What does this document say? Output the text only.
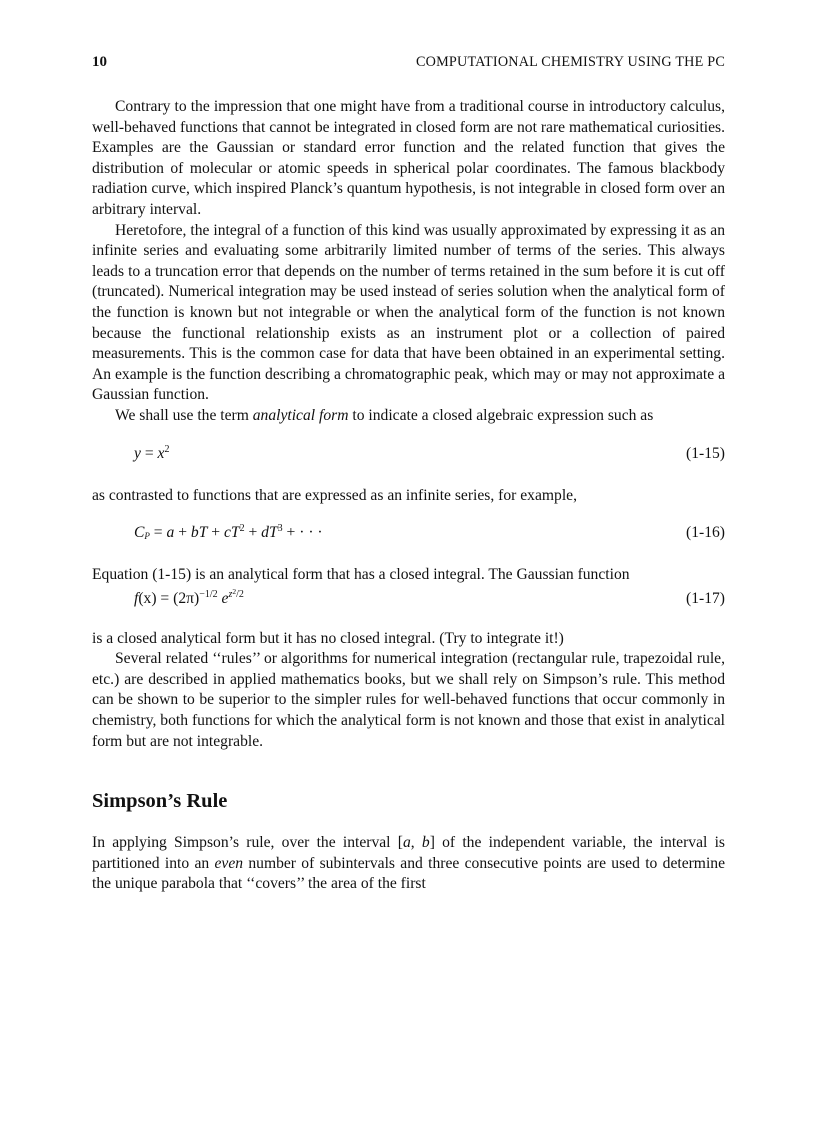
10	COMPUTATIONAL CHEMISTRY USING THE PC

Contrary to the impression that one might have from a traditional course in introductory calculus, well-behaved functions that cannot be integrated in closed form are not rare mathematical curiosities. Examples are the Gaussian or standard error function and the related function that gives the distribution of molecular or atomic speeds in spherical polar coordinates. The famous blackbody radiation curve, which inspired Planck’s quantum hypothesis, is not integrable in closed form over an arbitrary interval.

Heretofore, the integral of a function of this kind was usually approximated by expressing it as an infinite series and evaluating some arbitrarily limited number of terms of the series. This always leads to a truncation error that depends on the number of terms retained in the sum before it is cut off (truncated). Numerical integration may be used instead of series solution when the analytical form of the function is known but not integrable or when the analytical form of the function is not known because the functional relationship exists as an instrument plot or a collection of paired measurements. This is the common case for data that have been obtained in an experimental setting. An example is the function describing a chromatographic peak, which may or may not approximate a Gaussian function.

We shall use the term analytical form to indicate a closed algebraic expression such as

$y = x^2$	(1-15)

as contrasted to functions that are expressed as an infinite series, for example,

$C_P = a$ + bT + $cT^2 + dT^3$ + · · ·	(1-16)

Equation (1-15) is an analytical form that has a closed integral. The Gaussian function

$f(x) = (2\pi)^{-1/2}$ $e^{z^2/2}$	(1-17)

is a closed analytical form but it has no closed integral. (Try to integrate it!)

Several related ‘‘rules’’ or algorithms for numerical integration (rectangular rule, trapezoidal rule, etc.) are described in applied mathematics books, but we shall rely on Simpson’s rule. This method can be shown to be superior to the simpler rules for well-behaved functions that occur commonly in chemistry, both functions for which the analytical form is not known and those that exist in analytical form but are not integrable.

Simpson’s Rule

In applying Simpson’s rule, over the interval [a, b] of the independent variable, the interval is partitioned into an even number of subintervals and three consecutive points are used to determine the unique parabola that ‘‘covers’’ the area of the first
